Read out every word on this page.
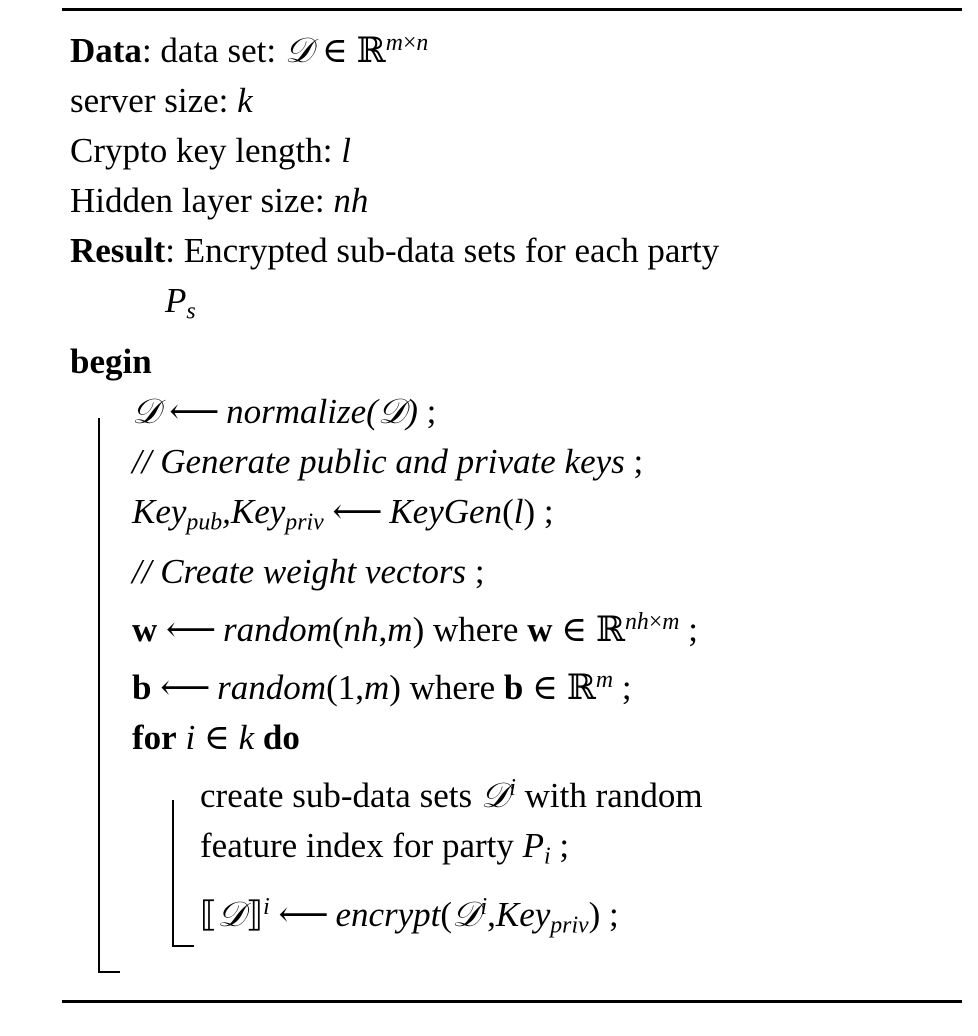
Data: data set: 𝒟 ∈ ℝ$^{m\times n}$
server size: k
Crypto key length: l
Hidden layer size: nh
Result: Encrypted sub-data sets for each party
$P_s$
begin
𝒟 ⟵ normalize(𝒟) ;
// Generate public and private keys ;
Key$_{pub}$,Key$_{priv}$ ⟵ KeyGen(l) ;
// Create weight vectors ;
w ⟵ random(nh,m) where w ∈ ℝ$^{nh\times m}$ ;
b ⟵ random(1,m) where b ∈ ℝ$^m$ ;
for i ∈ k do
create sub-data sets 𝒟$^i$ with random
feature index for party $P_i$ ;
⟦𝒟⟧$^i$ ⟵ encrypt(𝒟$^i$,Key$_{priv}$) ;
